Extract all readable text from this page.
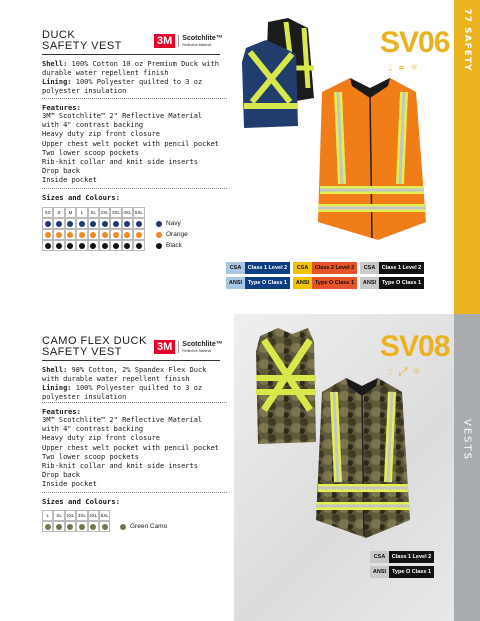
77 SAFETY
VESTS
DUCK
SAFETY VEST	3M	Scotchlite™
Reflective Material
Shell: 100% Cotton 10 oz Premium Duck with durable water repellent finish
Lining: 100% Polyester quilted to 3 oz polyester insulation
Features:
3M™ Scotchlite™ 2" Reflective Material
with 4" contrast backing
Heavy duty zip front closure
Upper chest welt pocket with pencil pocket
Two lower scoop pockets
Rib-knit collar and knit side inserts
Drop back
Inside pocket
Sizes and Colours:
XS	S	M	L	XL	2XL 3XL 4XL 5XL
Navy
Orange
Black
SV06
💧︎ ≈ ☼
CSA	Class 1 Level 2	CSA	Class 2 Level 2	CSA	Class 1 Level 2
ANSI	Type O Class 1	ANSI	Type O Class 1	ANSI	Type O Class 1
CAMO FLEX DUCK
SAFETY VEST	3M	Scotchlite™
Reflective Material
Shell: 98% Cotton, 2% Spandex Flex Duck with durable water repellent finish
Lining: 100% Polyester quilted to 3 oz polyester insulation
Features:
3M™ Scotchlite™ 2" Reflective Material
with 4" contrast backing
Heavy duty zip front closure
Upper chest welt pocket with pencil pocket
Two lower scoop pockets
Rib-knit collar and knit side inserts
Drop back
Inside pocket
Sizes and Colours:
L	XL	2XL 3XL 4XL 5XL
Green Camo
SV08
💧︎ ⤢ ☼
CSA	Class 1 Level 2
ANSI	Type O Class 1
